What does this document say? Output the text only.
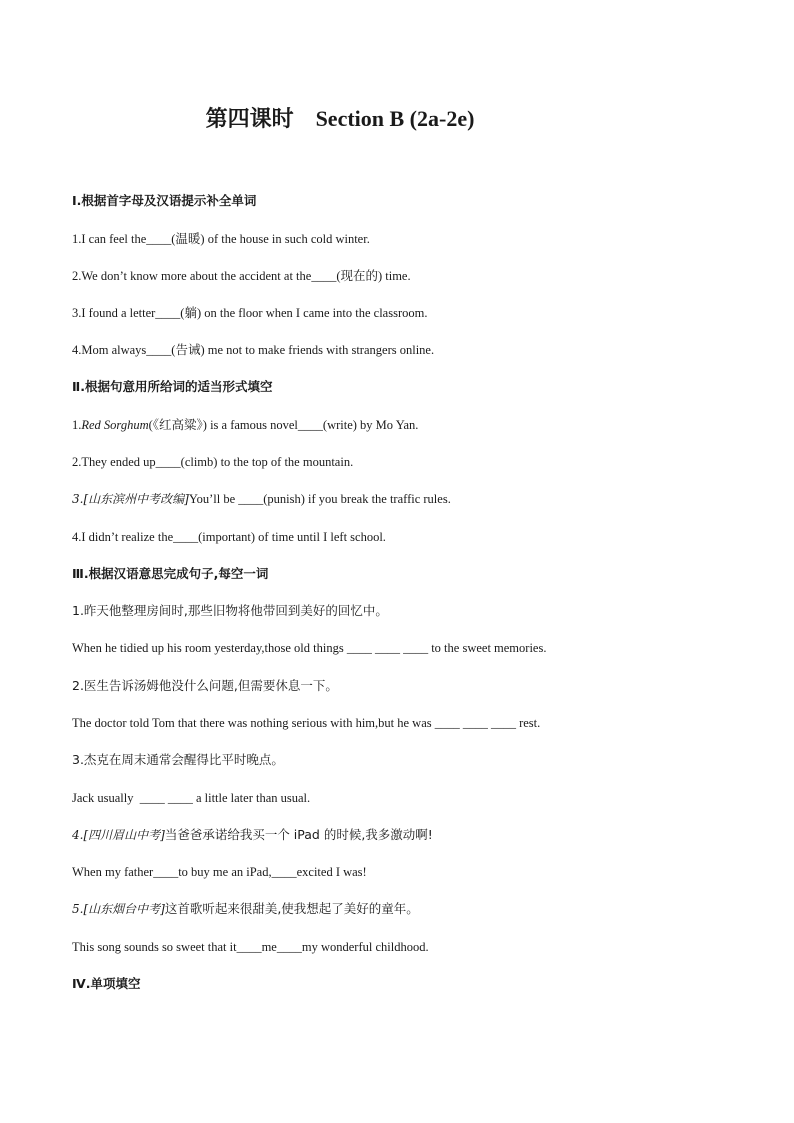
第四课时    Section B (2a-2e)
Ⅰ.根据首字母及汉语提示补全单词
1.I can feel the____(温暖) of the house in such cold winter.
2.We don’t know more about the accident at the____(现在的) time.
3.I found a letter____(躺) on the floor when I came into the classroom.
4.Mom always____(告诫) me not to make friends with strangers online.
Ⅱ.根据句意用所给词的适当形式填空
1.Red Sorghum(《红高粱》) is a famous novel____(write) by Mo Yan.
2.They ended up____(climb) to the top of the mountain.
3.[山东滨州中考改编]You’ll be ____(punish) if you break the traffic rules.
4.I didn’t realize the____(important) of time until I left school.
Ⅲ.根据汉语意思完成句子,每空一词
1.昨天他整理房间时,那些旧物将他带回到美好的回忆中。
When he tidied up his room yesterday,those old things ____ ____ ____ to the sweet memories.
2.医生告诉汤姆他没什么问题,但需要休息一下。
The doctor told Tom that there was nothing serious with him,but he was ____ ____ ____ rest.
3.杰克在周末通常会醒得比平时晚点。
Jack usually  ____ ____ a little later than usual.
4.[四川眉山中考]当爸爸承诺给我买一个 iPad 的时候,我多激动啊!
When my father____to buy me an iPad,____excited I was!
5.[山东烟台中考]这首歌听起来很甜美,使我想起了美好的童年。
This song sounds so sweet that it____me____my wonderful childhood.
Ⅳ.单项填空
